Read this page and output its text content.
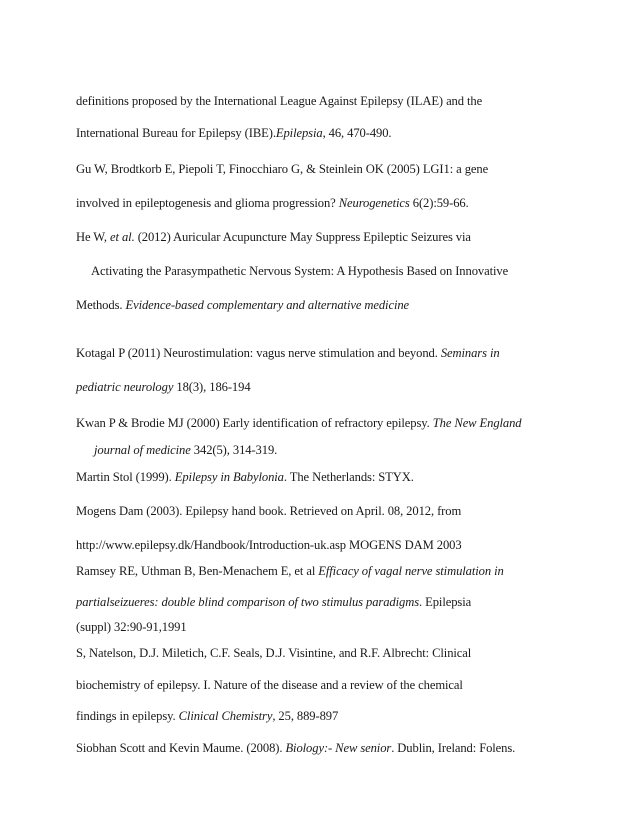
definitions proposed by the International League Against Epilepsy (ILAE) and the
International Bureau for Epilepsy (IBE).Epilepsia, 46, 470-490.
Gu W, Brodtkorb E, Piepoli T, Finocchiaro G, & Steinlein OK (2005) LGI1: a gene
involved in epileptogenesis and glioma progression? Neurogenetics 6(2):59-66.
He W, et al. (2012) Auricular Acupuncture May Suppress Epileptic Seizures via
Activating the Parasympathetic Nervous System: A Hypothesis Based on Innovative
Methods. Evidence-based complementary and alternative medicine
Kotagal P (2011) Neurostimulation: vagus nerve stimulation and beyond. Seminars in
pediatric neurology 18(3), 186-194
Kwan P & Brodie MJ (2000) Early identification of refractory epilepsy. The New England
journal of medicine 342(5), 314-319.
Martin Stol (1999). Epilepsy in Babylonia. The Netherlands: STYX.
Mogens Dam (2003). Epilepsy hand book. Retrieved on April. 08, 2012, from
http://www.epilepsy.dk/Handbook/Introduction-uk.asp MOGENS DAM 2003
Ramsey RE, Uthman B, Ben-Menachem E, et al Efficacy of vagal nerve stimulation in
partialseizueres: double blind comparison of two stimulus paradigms. Epilepsia
(suppl) 32:90-91,1991
S, Natelson, D.J. Miletich, C.F. Seals, D.J. Visintine, and R.F. Albrecht: Clinical
biochemistry of epilepsy. I. Nature of the disease and a review of the chemical
findings in epilepsy. Clinical Chemistry, 25, 889-897
Siobhan Scott and Kevin Maume. (2008). Biology:- New senior. Dublin, Ireland: Folens.
